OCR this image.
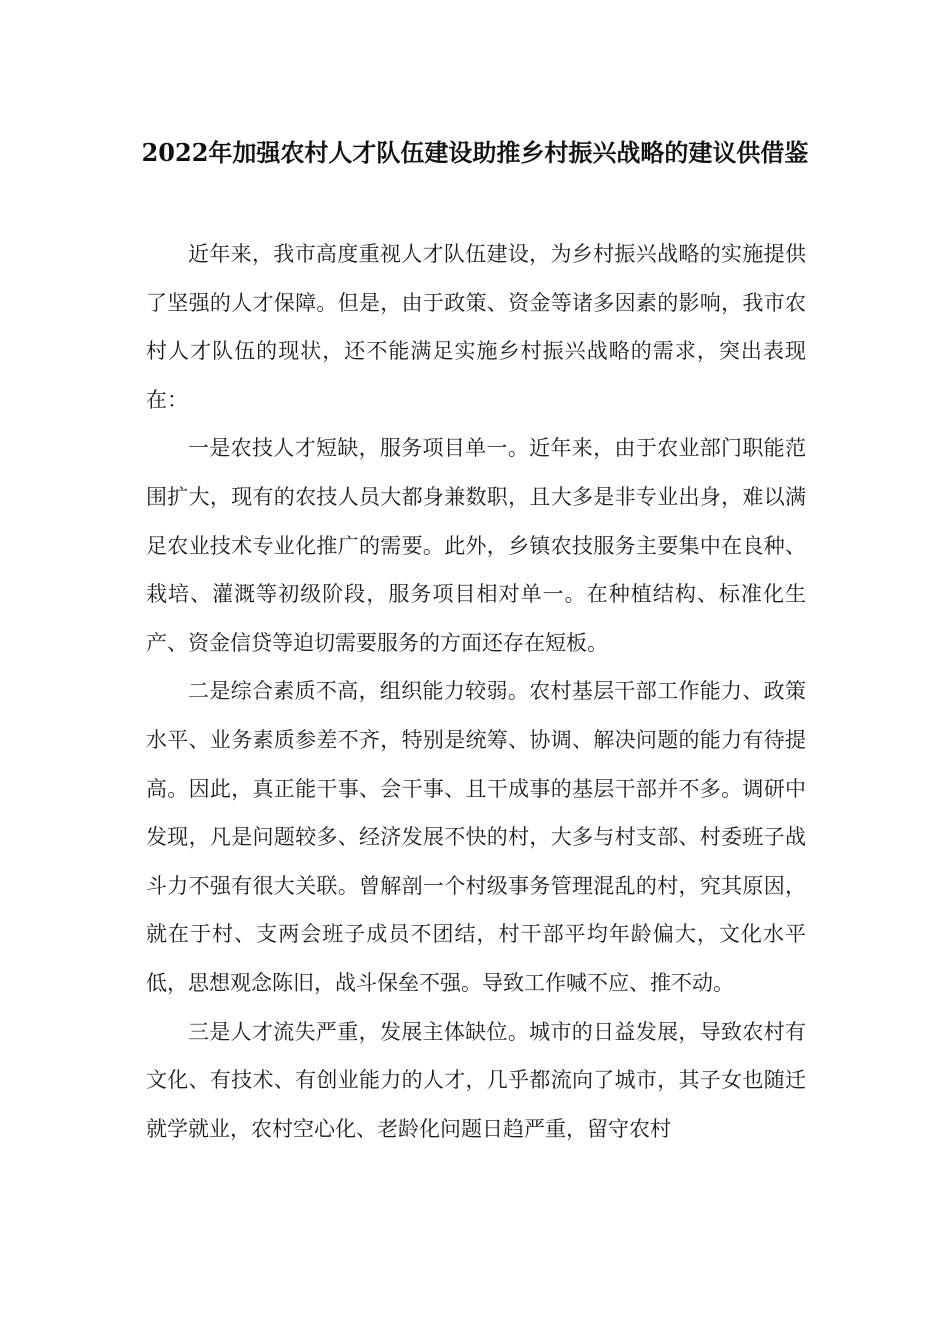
2022年加强农村人才队伍建设助推乡村振兴战略的建议供借鉴

近年来，我市高度重视人才队伍建设，为乡村振兴战略的实施提供了坚强的人才保障。但是，由于政策、资金等诸多因素的影响，我市农村人才队伍的现状，还不能满足实施乡村振兴战略的需求，突出表现在：

一是农技人才短缺，服务项目单一。近年来，由于农业部门职能范围扩大，现有的农技人员大都身兼数职，且大多是非专业出身，难以满足农业技术专业化推广的需要。此外，乡镇农技服务主要集中在良种、栽培、灌溉等初级阶段，服务项目相对单一。在种植结构、标准化生产、资金信贷等迫切需要服务的方面还存在短板。

二是综合素质不高，组织能力较弱。农村基层干部工作能力、政策水平、业务素质参差不齐，特别是统筹、协调、解决问题的能力有待提高。因此，真正能干事、会干事、且干成事的基层干部并不多。调研中发现，凡是问题较多、经济发展不快的村，大多与村支部、村委班子战斗力不强有很大关联。曾解剖一个村级事务管理混乱的村，究其原因，就在于村、支两会班子成员不团结，村干部平均年龄偏大，文化水平低，思想观念陈旧，战斗保垒不强。导致工作喊不应、推不动。

三是人才流失严重，发展主体缺位。城市的日益发展，导致农村有文化、有技术、有创业能力的人才，几乎都流向了城市，其子女也随迁就学就业，农村空心化、老龄化问题日趋严重，留守农村
